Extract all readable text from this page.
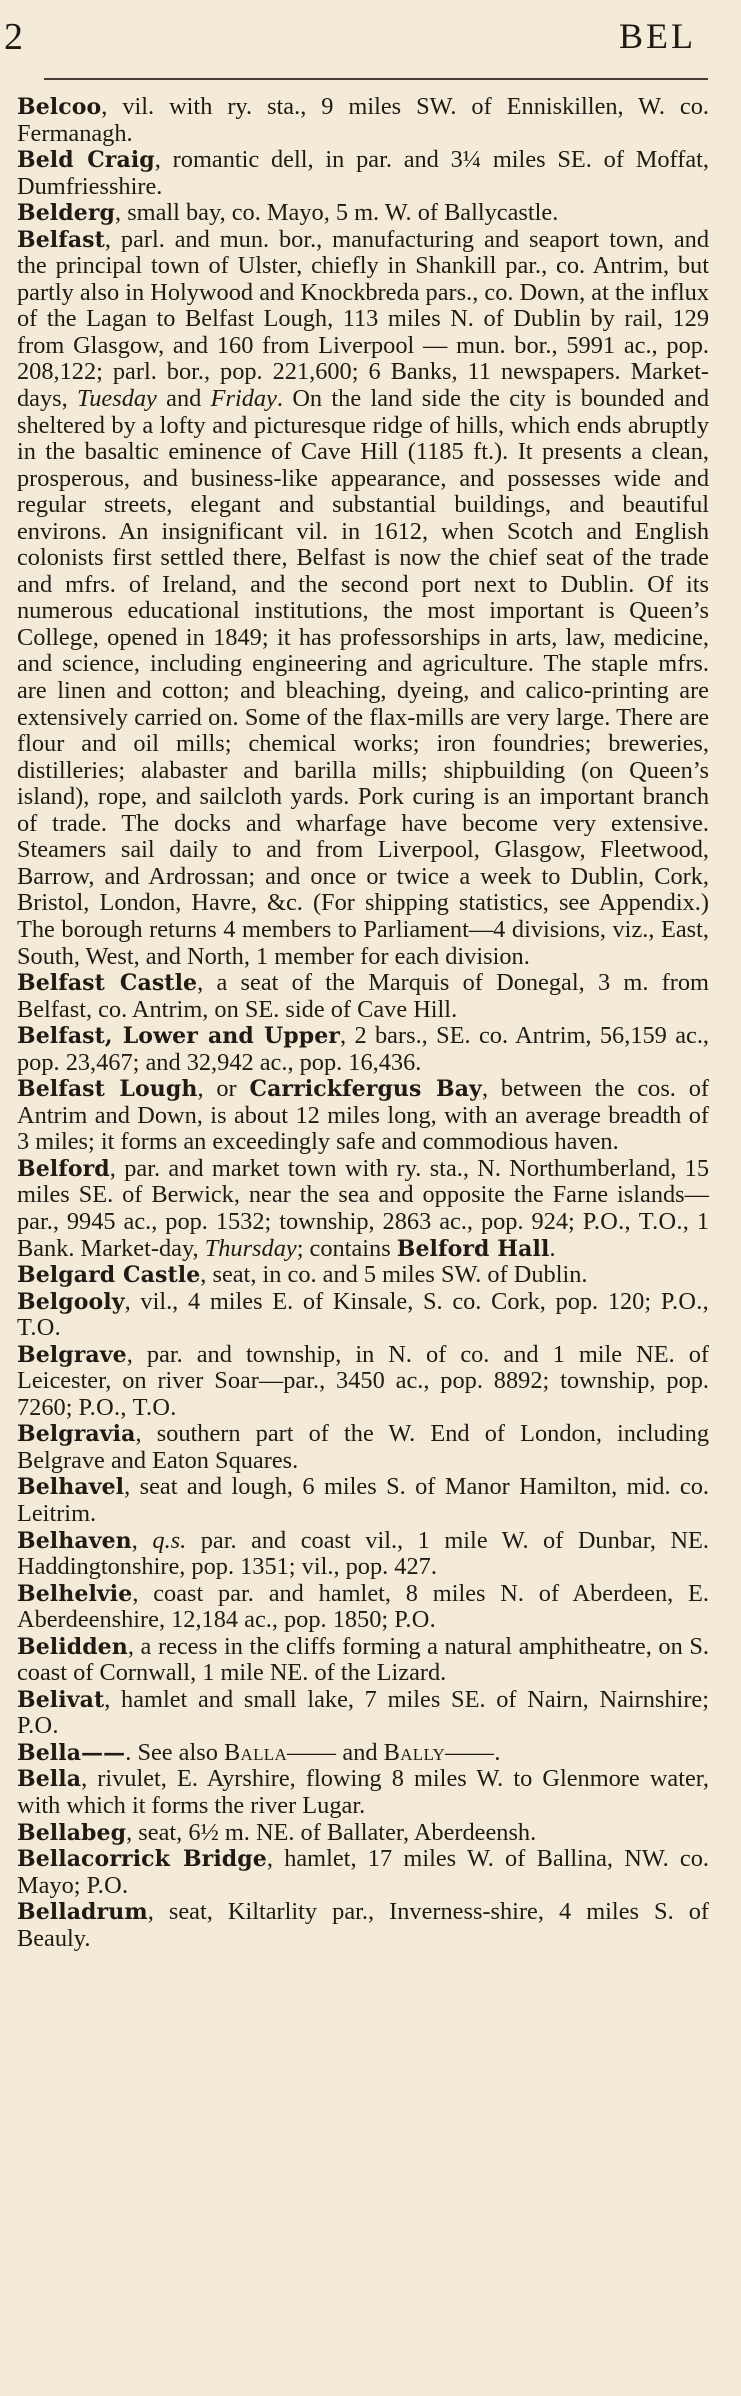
2	BEL

Belcoo, vil. with ry. sta., 9 miles SW. of Enniskillen, W. co. Fermanagh.

Beld Craig, romantic dell, in par. and 3¼ miles SE. of Moffat, Dumfriesshire.

Belderg, small bay, co. Mayo, 5 m. W. of Ballycastle.

Belfast, parl. and mun. bor., manufacturing and seaport town, and the principal town of Ulster, chiefly in Shankill par., co. Antrim, but partly also in Holywood and Knockbreda pars., co. Down, at the influx of the Lagan to Belfast Lough, 113 miles N. of Dublin by rail, 129 from Glasgow, and 160 from Liverpool — mun. bor., 5991 ac., pop. 208,122; parl. bor., pop. 221,600; 6 Banks, 11 newspapers. Market-days, Tuesday and Friday. On the land side the city is bounded and sheltered by a lofty and picturesque ridge of hills, which ends abruptly in the basaltic eminence of Cave Hill (1185 ft.). It presents a clean, prosperous, and business-like appearance, and possesses wide and regular streets, elegant and substantial buildings, and beautiful environs. An insignificant vil. in 1612, when Scotch and English colonists first settled there, Belfast is now the chief seat of the trade and mfrs. of Ireland, and the second port next to Dublin. Of its numerous educational institutions, the most important is Queen’s College, opened in 1849; it has professorships in arts, law, medicine, and science, including engineering and agriculture. The staple mfrs. are linen and cotton; and bleaching, dyeing, and calico-printing are extensively carried on. Some of the flax-mills are very large. There are flour and oil mills; chemical works; iron foundries; breweries, distilleries; alabaster and barilla mills; shipbuilding (on Queen’s island), rope, and sailcloth yards. Pork curing is an important branch of trade. The docks and wharfage have become very extensive. Steamers sail daily to and from Liverpool, Glasgow, Fleetwood, Barrow, and Ardrossan; and once or twice a week to Dublin, Cork, Bristol, London, Havre, &c. (For shipping statistics, see Appendix.) The borough returns 4 members to Parliament—4 divisions, viz., East, South, West, and North, 1 member for each division.

Belfast Castle, a seat of the Marquis of Donegal, 3 m. from Belfast, co. Antrim, on SE. side of Cave Hill.

Belfast, Lower and Upper, 2 bars., SE. co. Antrim, 56,159 ac., pop. 23,467; and 32,942 ac., pop. 16,436.

Belfast Lough, or Carrickfergus Bay, between the cos. of Antrim and Down, is about 12 miles long, with an average breadth of 3 miles; it forms an exceedingly safe and commodious haven.

Belford, par. and market town with ry. sta., N. Northumberland, 15 miles SE. of Berwick, near the sea and opposite the Farne islands—par., 9945 ac., pop. 1532; township, 2863 ac., pop. 924; P.O., T.O., 1 Bank. Market-day, Thursday; contains Belford Hall.

Belgard Castle, seat, in co. and 5 miles SW. of Dublin.

Belgooly, vil., 4 miles E. of Kinsale, S. co. Cork, pop. 120; P.O., T.O.

Belgrave, par. and township, in N. of co. and 1 mile NE. of Leicester, on river Soar—par., 3450 ac., pop. 8892; township, pop. 7260; P.O., T.O.

Belgravia, southern part of the W. End of London, including Belgrave and Eaton Squares.

Belhavel, seat and lough, 6 miles S. of Manor Hamilton, mid. co. Leitrim.

Belhaven, q.s. par. and coast vil., 1 mile W. of Dunbar, NE. Haddingtonshire, pop. 1351; vil., pop. 427.

Belhelvie, coast par. and hamlet, 8 miles N. of Aberdeen, E. Aberdeenshire, 12,184 ac., pop. 1850; P.O.

Belidden, a recess in the cliffs forming a natural amphitheatre, on S. coast of Cornwall, 1 mile NE. of the Lizard.

Belivat, hamlet and small lake, 7 miles SE. of Nairn, Nairnshire; P.O.

Bella——. See also Balla—— and Bally——.

Bella, rivulet, E. Ayrshire, flowing 8 miles W. to Glenmore water, with which it forms the river Lugar.

Bellabeg, seat, 6½ m. NE. of Ballater, Aberdeensh.

Bellacorrick Bridge, hamlet, 17 miles W. of Ballina, NW. co. Mayo; P.O.

Belladrum, seat, Kiltarlity par., Inverness-shire, 4 miles S. of Beauly.
